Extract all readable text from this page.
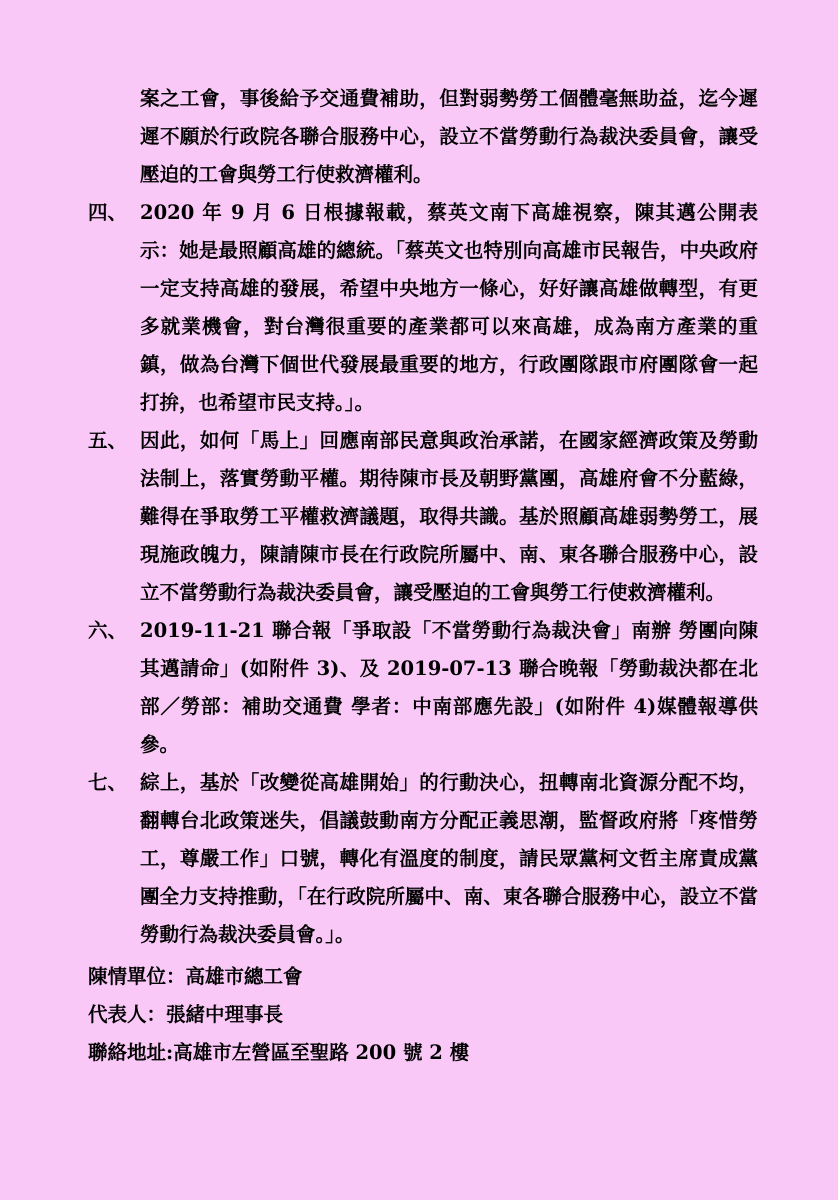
案之工會，事後給予交通費補助，但對弱勢勞工個體毫無助益，迄今遲遲不願於行政院各聯合服務中心，設立不當勞動行為裁決委員會，讓受壓迫的工會與勞工行使救濟權利。
四、 2020 年 9 月 6 日根據報載，蔡英文南下高雄視察，陳其邁公開表示：她是最照顧高雄的總統。「蔡英文也特別向高雄市民報告，中央政府一定支持高雄的發展，希望中央地方一條心，好好讓高雄做轉型，有更多就業機會，對台灣很重要的產業都可以來高雄，成為南方產業的重鎮，做為台灣下個世代發展最重要的地方，行政團隊跟市府團隊會一起打拚，也希望市民支持。」。
五、 因此，如何「馬上」回應南部民意與政治承諾，在國家經濟政策及勞動法制上，落實勞動平權。期待陳市長及朝野黨團，高雄府會不分藍綠，難得在爭取勞工平權救濟議題，取得共識。基於照顧高雄弱勢勞工，展現施政魄力，陳請陳市長在行政院所屬中、南、東各聯合服務中心，設立不當勞動行為裁決委員會，讓受壓迫的工會與勞工行使救濟權利。
六、 2019-11-21 聯合報「爭取設「不當勞動行為裁決會」南辦 勞團向陳其邁請命」(如附件 3)、及 2019-07-13 聯合晚報「勞動裁決都在北部／勞部：補助交通費 學者：中南部應先設」(如附件 4)媒體報導供參。
七、 綜上，基於「改變從高雄開始」的行動決心，扭轉南北資源分配不均，翻轉台北政策迷失，倡議鼓動南方分配正義思潮，監督政府將「疼惜勞工，尊嚴工作」口號，轉化有溫度的制度，請民眾黨柯文哲主席責成黨團全力支持推動，「在行政院所屬中、南、東各聯合服務中心，設立不當勞動行為裁決委員會。」。
陳情單位：高雄市總工會
代表人：張緒中理事長
聯絡地址:高雄市左營區至聖路 200 號 2 樓
